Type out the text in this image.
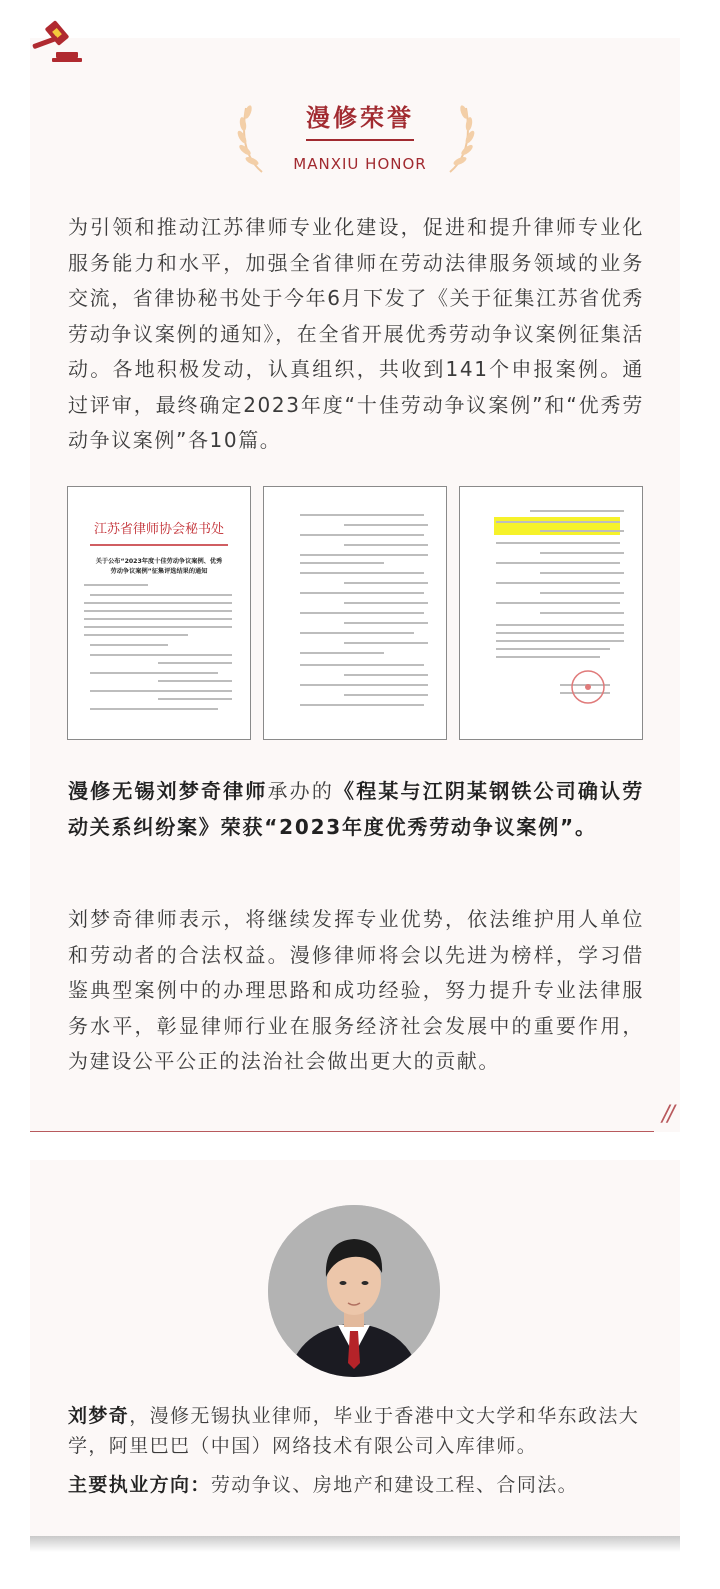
漫修荣誉
MANXIU HONOR

为引领和推动江苏律师专业化建设，促进和提升律师专业化服务能力和水平，加强全省律师在劳动法律服务领域的业务交流，省律协秘书处于今年6月下发了《关于征集江苏省优秀劳动争议案例的通知》，在全省开展优秀劳动争议案例征集活动。各地积极发动，认真组织，共收到141个申报案例。通过评审，最终确定2023年度“十佳劳动争议案例”和“优秀劳动争议案例”各10篇。

江苏省律师协会秘书处
关于公布“2023年度十佳劳动争议案例、优秀
劳动争议案例”征集评选结果的通知

漫修无锡刘梦奇律师承办的《程某与江阴某钢铁公司确认劳动关系纠纷案》荣获“2023年度优秀劳动争议案例”。

刘梦奇律师表示，将继续发挥专业优势，依法维护用人单位和劳动者的合法权益。漫修律师将会以先进为榜样，学习借鉴典型案例中的办理思路和成功经验，努力提升专业法律服务水平，彰显律师行业在服务经济社会发展中的重要作用，为建设公平公正的法治社会做出更大的贡献。

//

刘梦奇，漫修无锡执业律师，毕业于香港中文大学和华东政法大学，阿里巴巴（中国）网络技术有限公司入库律师。

主要执业方向：劳动争议、房地产和建设工程、合同法。
